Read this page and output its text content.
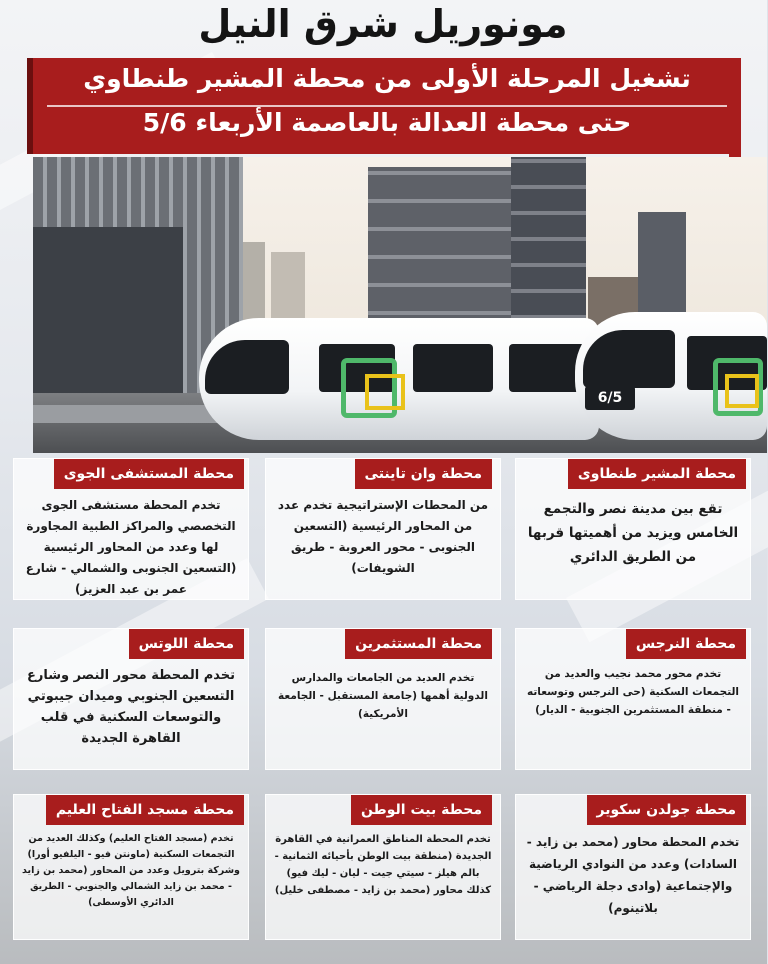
مونوريل شرق النيل
تشغيل المرحلة الأولى من محطة المشير طنطاوي
حتى محطة العدالة بالعاصمة الأربعاء 5/6
6/5
محطة المشير طنطاوى
تقع بين مدينة نصر والتجمع الخامس ويزيد من أهميتها قربها من الطريق الدائري
محطة وان تاينتى
من المحطات الإستراتيجية تخدم عدد من المحاور الرئيسية (التسعين الجنوبى - محور العروبة - طريق الشويفات)
محطة المستشفى الجوى
تخدم المحطة مستشفى الجوى التخصصي والمراكز الطبية المجاورة لها وعدد من المحاور الرئيسية (التسعين الجنوبى والشمالي - شارع عمر بن عبد العزيز)
محطة النرجس
تخدم محور محمد نجيب والعديد من التجمعات السكنية (حى النرجس وتوسعاته - منطقة المستثمرين الجنوبية - الديار)
محطة المستثمرين
تخدم العديد من الجامعات والمدارس الدولية أهمها (جامعة المستقبل - الجامعة الأمريكية)
محطة اللوتس
تخدم المحطة محور النصر وشارع التسعين الجنوبي وميدان جيبوتي والتوسعات السكنية في قلب القاهرة الجديدة
محطة جولدن سكوير
تخدم المحطة محاور (محمد بن زايد - السادات) وعدد من النوادي الرياضية والإجتماعية (وادى دجلة الرياضي - بلاتينوم)
محطة بيت الوطن
تخدم المحطة المناطق العمرانية في القاهرة الجديدة (منطقة بيت الوطن بأحيائه الثمانية - بالم هيلز - سيتي جيت - ليان - ليك فيو) كذلك محاور (محمد بن زايد - مصطفى خليل)
محطة مسجد الفتاح العليم
تخدم (مسجد الفتاح العليم) وكذلك العديد من التجمعات السكنية (ماونتن فيو - اليلفيو أورا) وشركة بترويل وعدد من المحاور (محمد بن زايد - محمد بن زايد الشمالي والجنوبي - الطريق الدائري الأوسطى)
